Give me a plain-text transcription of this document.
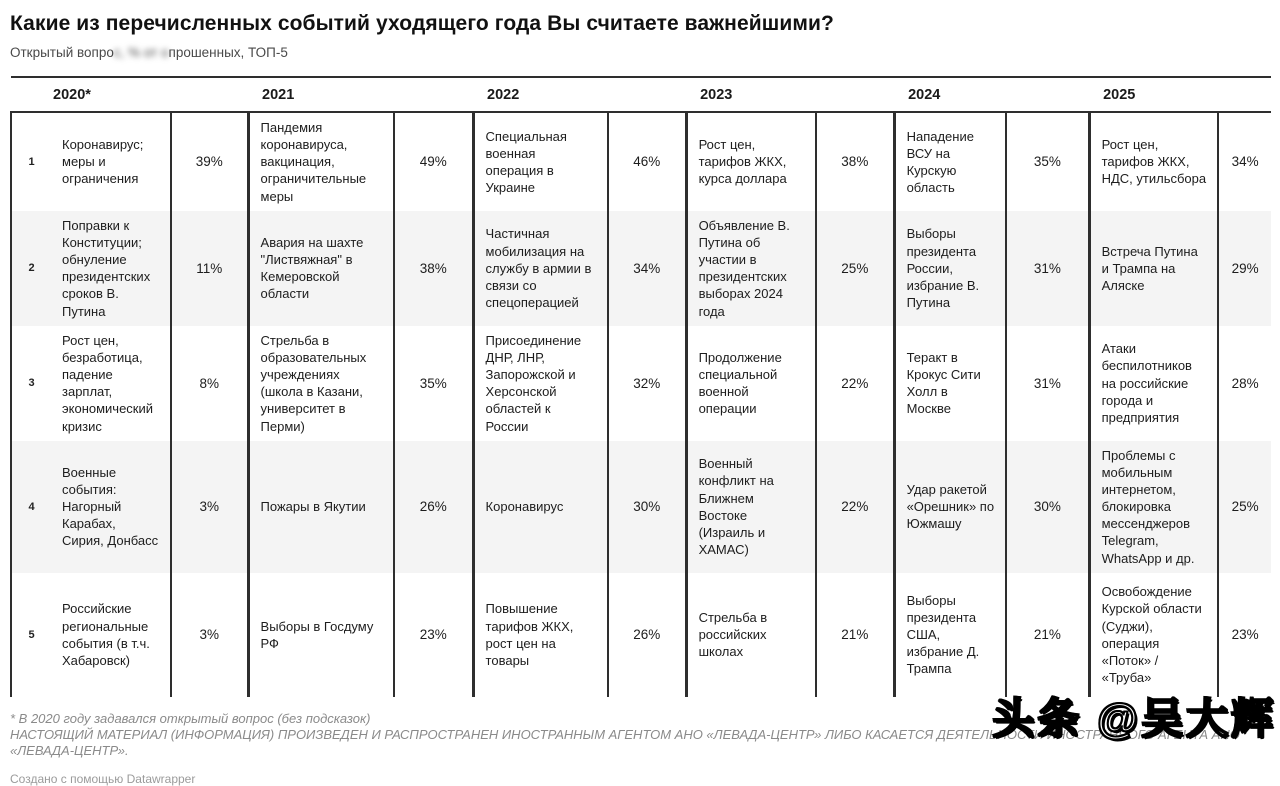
Какие из перечисленных событий уходящего года Вы считаете важнейшими?
Открытый вопрос, % от опрошенных, ТОП-5
2020*			2021		2022		2023		2024		2025	
1	Коронавирус; меры и ограничения	39%	Пандемия коронавируса, вакцинация, ограничительные меры	49%	Специальная военная операция в Украине	46%	Рост цен, тарифов ЖКХ, курса доллара	38%	Нападение ВСУ на Курскую область	35%	Рост цен, тарифов ЖКХ, НДС, утильсбора	34%
2	Поправки к Конституции; обнуление президентских сроков В. Путина	11%	Авария на шахте "Листвяжная" в Кемеровской области	38%	Частичная мобилизация на службу в армии в связи со спецоперацией	34%	Объявление В. Путина об участии в президентских выборах 2024 года	25%	Выборы президента России, избрание В. Путина	31%	Встреча Путина и Трампа на Аляске	29%
3	Рост цен, безработица, падение зарплат, экономический кризис	8%	Стрельба в образовательных учреждениях (школа в Казани, университет в Перми)	35%	Присоединение ДНР, ЛНР, Запорожской и Херсонской областей к России	32%	Продолжение специальной военной операции	22%	Теракт в Крокус Сити Холл в Москве	31%	Атаки беспилотников на российские города и предприятия	28%
4	Военные события: Нагорный Карабах, Сирия, Донбасс	3%	Пожары в Якутии	26%	Коронавирус	30%	Военный конфликт на Ближнем Востоке (Израиль и ХАМАС)	22%	Удар ракетой «Орешник» по Южмашу	30%	Проблемы с мобильным интернетом, блокировка мессенджеров Telegram, WhatsApp и др.	25%
5	Российские региональные события (в т.ч. Хабаровск)	3%	Выборы в Госдуму РФ	23%	Повышение тарифов ЖКХ, рост цен на товары	26%	Стрельба в российских школах	21%	Выборы президента США, избрание Д. Трампа	21%	Освобождение Курской области (Суджи), операция «Поток» / «Труба»	23%
* В 2020 году задавался открытый вопрос (без подсказок)
НАСТОЯЩИЙ МАТЕРИАЛ (ИНФОРМАЦИЯ) ПРОИЗВЕДЕН И РАСПРОСТРАНЕН ИНОСТРАННЫМ АГЕНТОМ АНО «ЛЕВАДА-ЦЕНТР» ЛИБО КАСАЕТСЯ ДЕЯТЕЛЬНОСТИ ИНОСТРАННОГО АГЕНТА АНО «ЛЕВАДА-ЦЕНТР».
Создано с помощью Datawrapper
头条 @吴大辉
